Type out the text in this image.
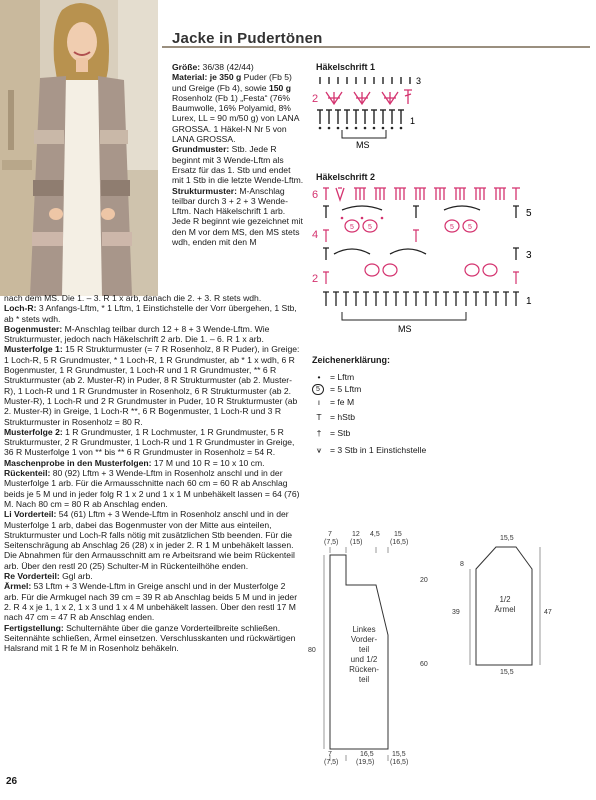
Jacke in Pudertönen
Größe: 36/38 (42/44)
Material: je 350 g Puder (Fb 5) und Greige (Fb 4), sowie 150 g Rosenholz (Fb 1) „Festa“ (76% Baumwolle, 16% Polyamid, 8% Lurex, LL = 90 m/50 g) von LANA GROSSA. 1 Häkel-N Nr 5 von LANA GROSSA.
Grundmuster: Stb. Jede R beginnt mit 3 Wende-Lftm als Ersatz für das 1. Stb und endet mit 1 Stb in die letzte Wende-Lftm.
Strukturmuster: M-Anschlag teilbar durch 3 + 2 + 3 Wende-Lftm. Nach Häkelschrift 1 arb. Jede R beginnt wie gezeichnet mit den M vor dem MS, den MS stets wdh, enden mit den M
nach dem MS. Die 1. – 3. R 1 x arb, danach die 2. + 3. R stets wdh.
Loch-R: 3 Anfangs-Lftm, * 1 Lftm, 1 Einstichstelle der Vorr übergehen, 1 Stb, ab * stets wdh.
Bogenmuster: M-Anschlag teilbar durch 12 + 8 + 3 Wende-Lftm. Wie Strukturmuster, jedoch nach Häkelschrift 2 arb. Die 1. – 6. R 1 x arb.
Musterfolge 1: 15 R Strukturmuster (= 7 R Rosenholz, 8 R Puder), in Greige: 1 Loch-R, 5 R Grundmuster, * 1 Loch-R, 1 R Grundmuster, ab * 1 x wdh, 6 R Bogenmuster, 1 R Grundmuster, 1 Loch-R und 1 R Grundmuster, ** 6 R Strukturmuster (ab 2. Muster-R) in Puder, 8 R Strukturmuster (ab 2. Muster-R), 1 Loch-R und 1 R Grundmuster in Rosenholz, 6 R Strukturmuster (ab 2. Muster-R), 1 Loch-R und 2 R Grundmuster in Puder, 10 R Strukturmuster (ab 2. Muster-R) in Greige, 1 Loch-R **, 6 R Bogenmuster, 1 Loch-R und 3 R Strukturmuster in Rosenholz = 80 R.
Musterfolge 2: 1 R Grundmuster, 1 R Lochmuster, 1 R Grundmuster, 5 R Strukturmuster, 2 R Grundmuster, 1 Loch-R und 1 R Grundmuster in Greige, 36 R Musterfolge 1 von ** bis ** 6 R Grundmuster in Rosenholz = 54 R.
Maschenprobe in den Musterfolgen: 17 M und 10 R = 10 x 10 cm.
Rückenteil: 80 (92) Lftm + 3 Wende-Lftm in Rosenholz anschl und in der Musterfolge 1 arb. Für die Armausschnitte nach 60 cm = 60 R ab Anschlag beids je 5 M und in jeder folg R 1 x 2 und 1 x 1 M unbehäkelt lassen = 64 (76) M. Nach 80 cm = 80 R ab Anschlag enden.
Li Vorderteil: 54 (61) Lftm + 3 Wende-Lftm in Rosenholz anschl und in der Musterfolge 1 arb, dabei das Bogenmuster von der Mitte aus einteilen, Strukturmuster und Loch-R falls nötig mit zusätzlichen Stb beenden. Für die Seitenschrägung ab Anschlag 26 (28) x in jeder 2. R 1 M unbehäkelt lassen. Die Abnahmen für den Armausschnitt am re Arbeitsrand wie beim Rückenteil arb. Über den restl 20 (25) Schulter-M in Rückenteilhöhe enden.
Re Vorderteil: Ggl arb.
Ärmel: 53 Lftm + 3 Wende-Lftm in Greige anschl und in der Musterfolge 2 arb. Für die Armkugel nach 39 cm = 39 R ab Anschlag beids 5 M und in jeder 2. R 4 x je 1, 1 x 2, 1 x 3 und 1 x 4 M unbehäkelt lassen. Über den restl 17 M nach 47 cm = 47 R ab Anschlag enden.
Fertigstellung: Schulternähte über die ganze Vorderteilbreite schließen. Seitennähte schließen, Ärmel einsetzen. Verschlusskanten und rückwärtigen Halsrand mit 1 R fe M in Rosenholz behäkeln.
Häkelschrift 1
3
2
1
MS
Häkelschrift 2
6
5
4
5 5	5 5
3
2
1
MS
Zeichenerklärung:
•	= Lftm
5	= 5 Lftm
ı	= fe M
T = hStb
†	= Stb
⩛ = 3 Stb in 1 Einstichstelle
7
(7,5)
12
(15)
4,5 15
(16,5)
20
60
80
7
(7,5)
16,5
(19,5)
15,5
(16,5)
Linkes
Vorder-
teil
und 1/2
Rücken-
teil
15,5
8
39	47
15,5
1/2
Ärmel
26
